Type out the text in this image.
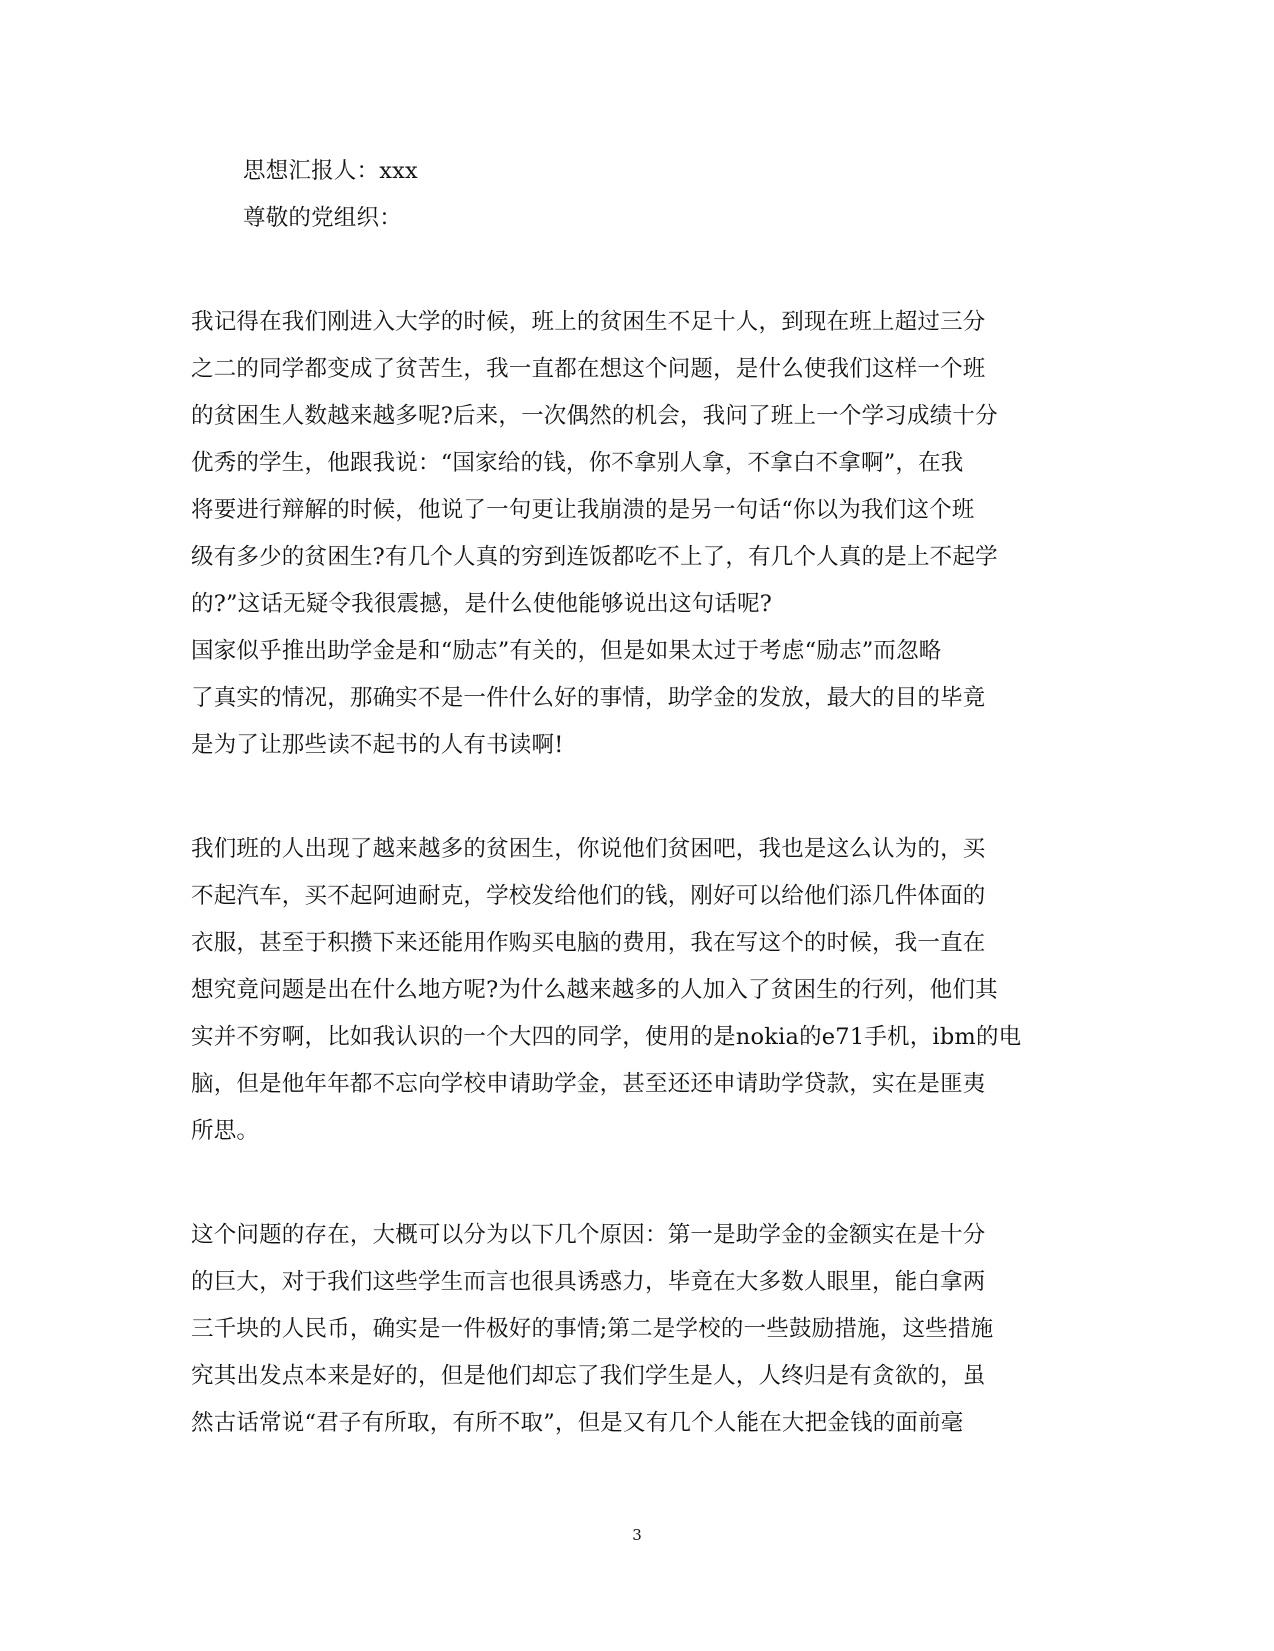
思想汇报人：xxx
尊敬的党组织：
我记得在我们刚进入大学的时候，班上的贫困生不足十人，到现在班上超过三分
之二的同学都变成了贫苦生，我一直都在想这个问题，是什么使我们这样一个班
的贫困生人数越来越多呢?后来，一次偶然的机会，我问了班上一个学习成绩十分
优秀的学生，他跟我说：“国家给的钱，你不拿别人拿，不拿白不拿啊”，在我
将要进行辩解的时候，他说了一句更让我崩溃的是另一句话“你以为我们这个班
级有多少的贫困生?有几个人真的穷到连饭都吃不上了，有几个人真的是上不起学
的?”这话无疑令我很震撼，是什么使他能够说出这句话呢?
国家似乎推出助学金是和“励志”有关的，但是如果太过于考虑“励志”而忽略
了真实的情况，那确实不是一件什么好的事情，助学金的发放，最大的目的毕竟
是为了让那些读不起书的人有书读啊!
我们班的人出现了越来越多的贫困生，你说他们贫困吧，我也是这么认为的，买
不起汽车，买不起阿迪耐克，学校发给他们的钱，刚好可以给他们添几件体面的
衣服，甚至于积攒下来还能用作购买电脑的费用，我在写这个的时候，我一直在
想究竟问题是出在什么地方呢?为什么越来越多的人加入了贫困生的行列，他们其
实并不穷啊，比如我认识的一个大四的同学，使用的是nokia的e71手机，ibm的电
脑，但是他年年都不忘向学校申请助学金，甚至还还申请助学贷款，实在是匪夷
所思。
这个问题的存在，大概可以分为以下几个原因：第一是助学金的金额实在是十分
的巨大，对于我们这些学生而言也很具诱惑力，毕竟在大多数人眼里，能白拿两
三千块的人民币，确实是一件极好的事情;第二是学校的一些鼓励措施，这些措施
究其出发点本来是好的，但是他们却忘了我们学生是人，人终归是有贪欲的，虽
然古话常说“君子有所取，有所不取”，但是又有几个人能在大把金钱的面前毫
3
